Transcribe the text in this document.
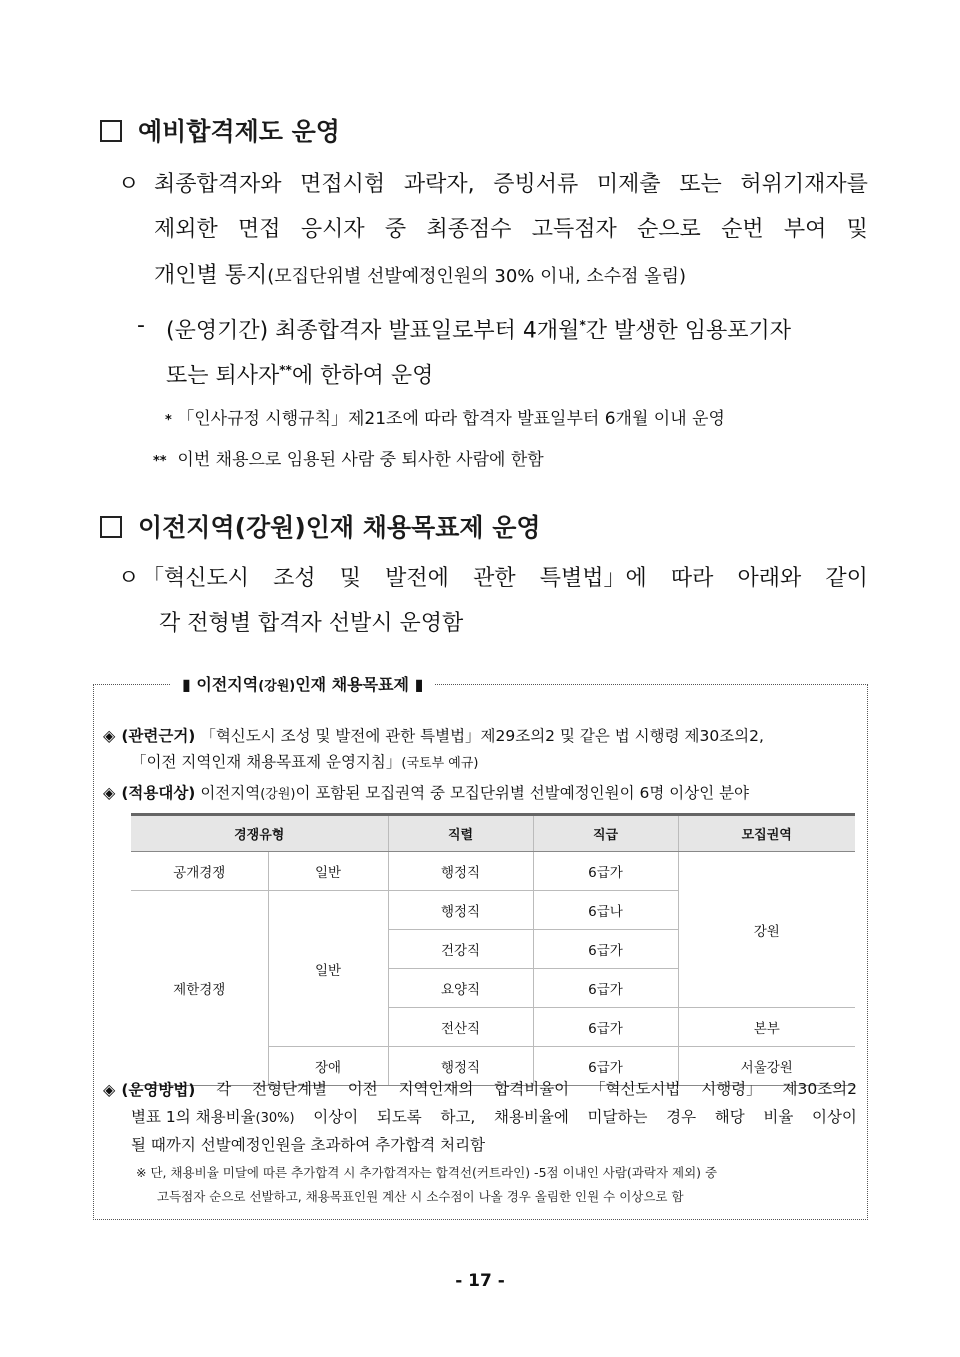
예비합격제도 운영
ㅇ 최종합격자와 면접시험 과락자, 증빙서류 미제출 또는 허위기재자를
제외한 면접 응시자 중 최종점수 고득점자 순으로 순번 부여 및
개인별 통지(모집단위별 선발예정인원의 30% 이내, 소수점 올림)
- (운영기간) 최종합격자 발표일로부터 4개월*간 발생한 임용포기자
또는 퇴사자**에 한하여 운영
* 「인사규정 시행규칙」제21조에 따라 합격자 발표일부터 6개월 이내 운영
** 이번 채용으로 임용된 사람 중 퇴사한 사람에 한함
이전지역(강원)인재 채용목표제 운영
ㅇ 「혁신도시 조성 및 발전에 관한 특별법」에 따라 아래와 같이
각 전형별 합격자 선발시 운영함
▮ 이전지역(강원)인재 채용목표제 ▮
◈ (관련근거) 「혁신도시 조성 및 발전에 관한 특별법」제29조의2 및 같은 법 시행령 제30조의2,
「이전 지역인재 채용목표제 운영지침」(국토부 예규)
◈ (적용대상) 이전지역(강원)이 포함된 모집권역 중 모집단위별 선발예정인원이 6명 이상인 분야
경쟁유형		직렬	직급	모집권역
공개경쟁	일반	행정직	6급가	강원
제한경쟁	일반	행정직	6급나	
		건강직	6급가	
		요양직	6급가	
		전산직	6급가	본부
	장애	행정직	6급가	서울강원
◈ (운영방법) 각 전형단계별 이전 지역인재의 합격비율이 「혁신도시법 시행령」 제30조의2
별표 1의 채용비율(30%) 이상이 되도록 하고, 채용비율에 미달하는 경우 해당 비율 이상이
될 때까지 선발예정인원을 초과하여 추가합격 처리함
※ 단, 채용비율 미달에 따른 추가합격 시 추가합격자는 합격선(커트라인) -5점 이내인 사람(과락자 제외) 중
고득점자 순으로 선발하고, 채용목표인원 계산 시 소수점이 나올 경우 올림한 인원 수 이상으로 함
- 17 -
